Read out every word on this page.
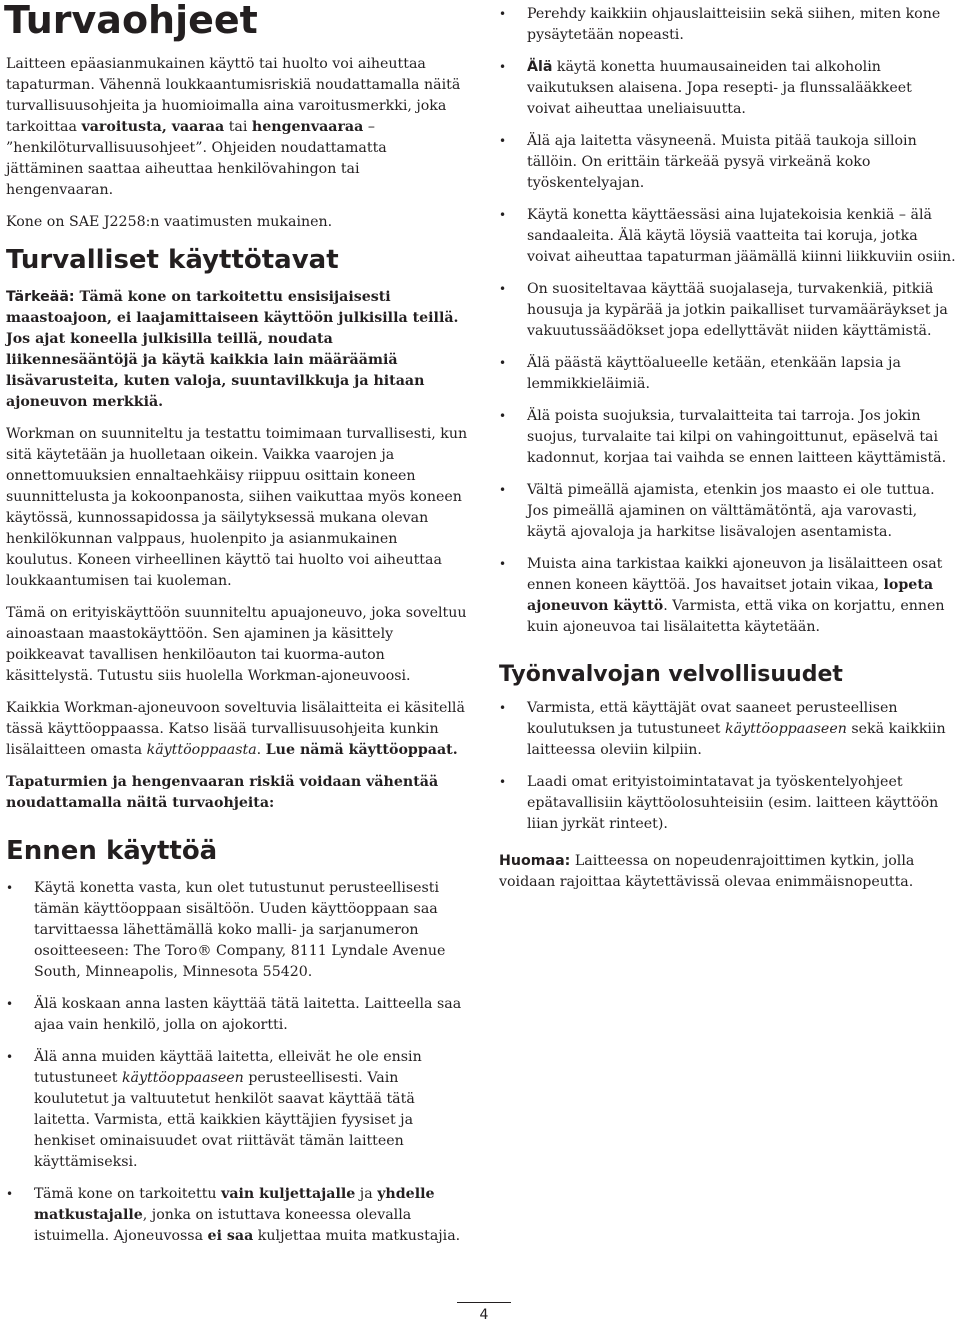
Turvaohjeet

Laitteen epäasianmukainen käyttö tai huolto voi aiheuttaa tapaturman. Vähennä loukkaantumisriskiä noudattamalla näitä turvallisuusohjeita ja huomioimalla aina varoitusmerkki, joka tarkoittaa varoitusta, vaaraa tai hengenvaaraa – ”henkilöturvallisuusohjeet”. Ohjeiden noudattamatta jättäminen saattaa aiheuttaa henkilövahingon tai hengenvaaran.

Kone on SAE J2258:n vaatimusten mukainen.

Turvalliset käyttötavat

Tärkeää: Tämä kone on tarkoitettu ensisijaisesti maastoajoon, ei laajamittaiseen käyttöön julkisilla teillä. Jos ajat koneella julkisilla teillä, noudata liikennesääntöjä ja käytä kaikkia lain määräämiä lisävarusteita, kuten valoja, suuntavilkkuja ja hitaan ajoneuvon merkkiä.

Workman on suunniteltu ja testattu toimimaan turvallisesti, kun sitä käytetään ja huolletaan oikein. Vaikka vaarojen ja onnettomuuksien ennaltaehkäisy riippuu osittain koneen suunnittelusta ja kokoonpanosta, siihen vaikuttaa myös koneen käytössä, kunnossapidossa ja säilytyksessä mukana olevan henkilökunnan valppaus, huolenpito ja asianmukainen koulutus. Koneen virheellinen käyttö tai huolto voi aiheuttaa loukkaantumisen tai kuoleman.

Tämä on erityiskäyttöön suunniteltu apuajoneuvo, joka soveltuu ainoastaan maastokäyttöön. Sen ajaminen ja käsittely poikkeavat tavallisen henkilöauton tai kuorma-auton käsittelystä. Tutustu siis huolella Workman-ajoneuvoosi.

Kaikkia Workman-ajoneuvoon soveltuvia lisälaitteita ei käsitellä tässä käyttöoppaassa. Katso lisää turvallisuusohjeita kunkin lisälaitteen omasta käyttöoppaasta. Lue nämä käyttöoppaat.

Tapaturmien ja hengenvaaran riskiä voidaan vähentää noudattamalla näitä turvaohjeita:

Ennen käyttöä
• Käytä konetta vasta, kun olet tutustunut perusteellisesti tämän käyttöoppaan sisältöön. Uuden käyttöoppaan saa tarvittaessa lähettämällä koko malli- ja sarjanumeron osoitteeseen: The Toro® Company, 8111 Lyndale Avenue South, Minneapolis, Minnesota 55420.
• Älä koskaan anna lasten käyttää tätä laitetta. Laitteella saa ajaa vain henkilö, jolla on ajokortti.
• Älä anna muiden käyttää laitetta, elleivät he ole ensin tutustuneet käyttöoppaaseen perusteellisesti. Vain koulutetut ja valtuutetut henkilöt saavat käyttää tätä laitetta. Varmista, että kaikkien käyttäjien fyysiset ja henkiset ominaisuudet ovat riittävät tämän laitteen käyttämiseksi.
• Tämä kone on tarkoitettu vain kuljettajalle ja yhdelle matkustajalle, jonka on istuttava koneessa olevalla istuimella. Ajoneuvossa ei saa kuljettaa muita matkustajia.
• Perehdy kaikkiin ohjauslaitteisiin sekä siihen, miten kone pysäytetään nopeasti.
• Älä käytä konetta huumausaineiden tai alkoholin vaikutuksen alaisena. Jopa resepti- ja flunssalääkkeet voivat aiheuttaa uneliaisuutta.
• Älä aja laitetta väsyneenä. Muista pitää taukoja silloin tällöin. On erittäin tärkeää pysyä virkeänä koko työskentelyajan.
• Käytä konetta käyttäessäsi aina lujatekoisia kenkiä – älä sandaaleita. Älä käytä löysiä vaatteita tai koruja, jotka voivat aiheuttaa tapaturman jäämällä kiinni liikkuviin osiin.
• On suositeltavaa käyttää suojalaseja, turvakenkiä, pitkiä housuja ja kypärää ja jotkin paikalliset turvamääräykset ja vakuutussäädökset jopa edellyttävät niiden käyttämistä.
• Älä päästä käyttöalueelle ketään, etenkään lapsia ja lemmikkieläimiä.
• Älä poista suojuksia, turvalaitteita tai tarroja. Jos jokin suojus, turvalaite tai kilpi on vahingoittunut, epäselvä tai kadonnut, korjaa tai vaihda se ennen laitteen käyttämistä.
• Vältä pimeällä ajamista, etenkin jos maasto ei ole tuttua. Jos pimeällä ajaminen on välttämätöntä, aja varovasti, käytä ajovaloja ja harkitse lisävalojen asentamista.
• Muista aina tarkistaa kaikki ajoneuvon ja lisälaitteen osat ennen koneen käyttöä. Jos havaitset jotain vikaa, lopeta ajoneuvon käyttö. Varmista, että vika on korjattu, ennen kuin ajoneuvoa tai lisälaitetta käytetään.
Työnvalvojan velvollisuudet
• Varmista, että käyttäjät ovat saaneet perusteellisen koulutuksen ja tutustuneet käyttöoppaaseen sekä kaikkiin laitteessa oleviin kilpiin.
• Laadi omat erityistoimintatavat ja työskentelyohjeet epätavallisiin käyttöolosuhteisiin (esim. laitteen käyttöön liian jyrkät rinteet).

Huomaa: Laitteessa on nopeudenrajoittimen kytkin, jolla voidaan rajoittaa käytettävissä olevaa enimmäisnopeutta.

4
